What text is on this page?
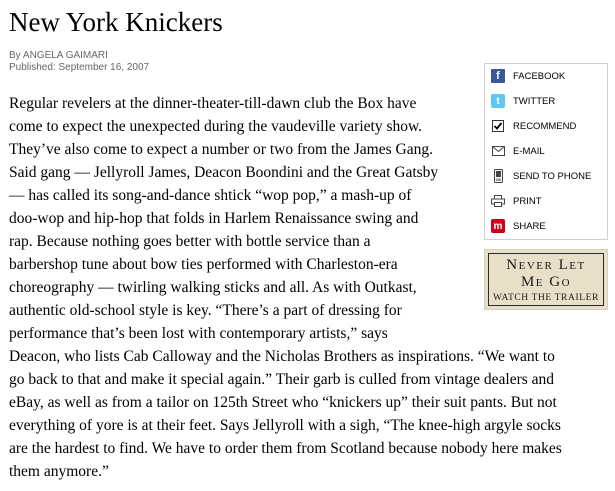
New York Knickers
By ANGELA GAIMARI
Published: September 16, 2007
f	FACEBOOK
t	TWITTER
RECOMMEND
E-MAIL
SEND TO PHONE
PRINT
m SHARE
Never Let
Me Go
WATCH THE TRAILER
Regular revelers at the dinner-theater-till-dawn club the Box have
come to expect the unexpected during the vaudeville variety show.
They’ve also come to expect a number or two from the James Gang.
Said gang — Jellyroll James, Deacon Boondini and the Great Gatsby
— has called its song-and-dance shtick “wop pop,” a mash-up of
doo-wop and hip-hop that folds in Harlem Renaissance swing and
rap. Because nothing goes better with bottle service than a
barbershop tune about bow ties performed with Charleston-era
choreography — twirling walking sticks and all. As with Outkast,
authentic old-school style is key. “There’s a part of dressing for
performance that’s been lost with contemporary artists,” says
Deacon, who lists Cab Calloway and the Nicholas Brothers as inspirations. “We want to
go back to that and make it special again.” Their garb is culled from vintage dealers and
eBay, as well as from a tailor on 125th Street who “knickers up” their suit pants. But not
everything of yore is at their feet. Says Jellyroll with a sigh, “The knee-high argyle socks
are the hardest to find. We have to order them from Scotland because nobody here makes
them anymore.”
